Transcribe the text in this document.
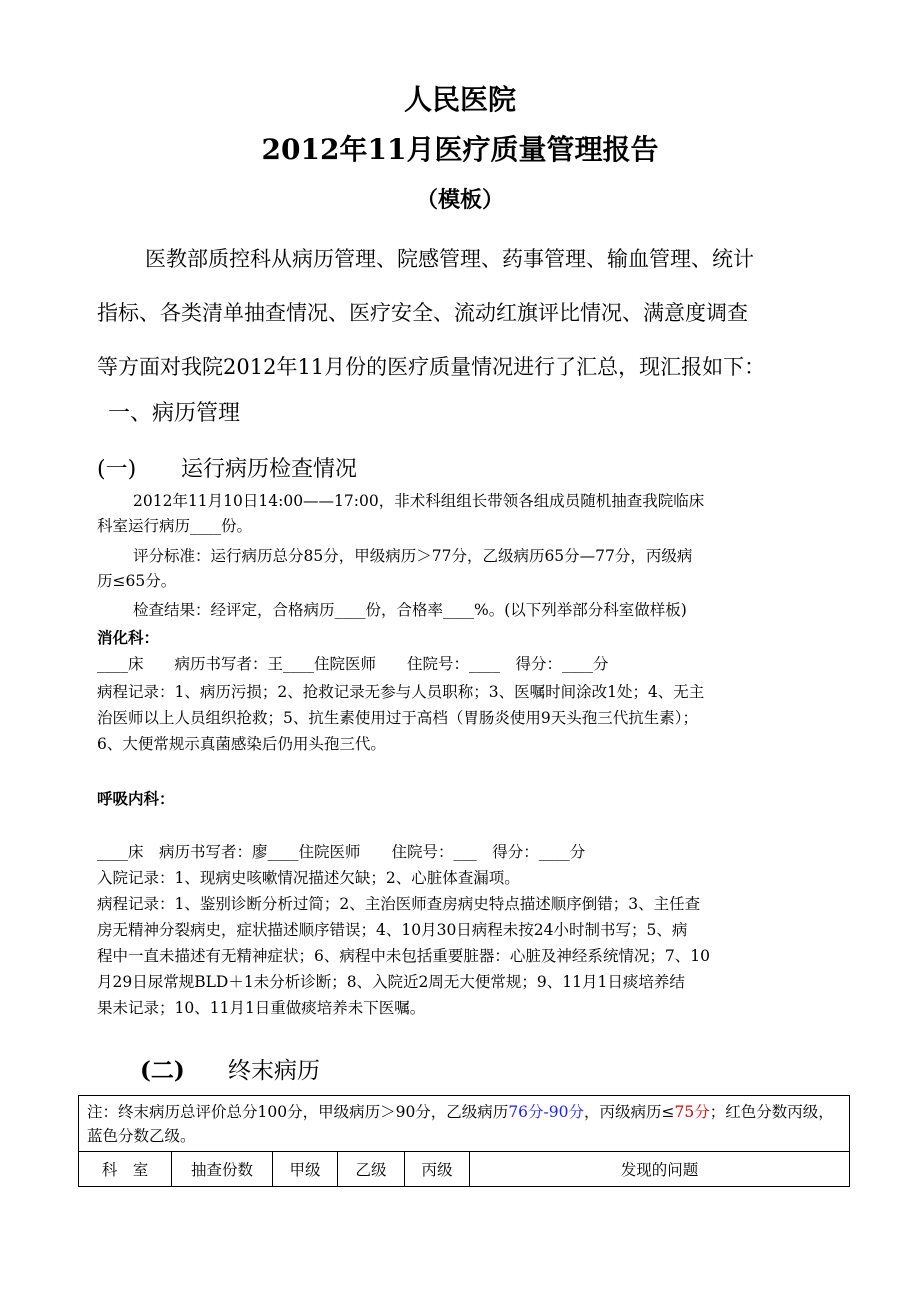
人民医院
2012年11月医疗质量管理报告
（模板）
医教部质控科从病历管理、院感管理、药事管理、输血管理、统计
指标、各类清单抽查情况、医疗安全、流动红旗评比情况、满意度调查
等方面对我院2012年11月份的医疗质量情况进行了汇总，现汇报如下：
一、病历管理
(一) 运行病历检查情况
2012年11月10日14:00——17:00，非术科组组长带领各组成员随机抽查我院临床
科室运行病历____份。
评分标准：运行病历总分85分，甲级病历＞77分，乙级病历65分—77分，丙级病
历≤65分。
检查结果：经评定，合格病历____份，合格率____%。(以下列举部分科室做样板)
消化科：
____床　　病历书写者：王____住院医师　　住院号：____　得分：____分
病程记录：1、病历污损；2、抢救记录无参与人员职称；3、医嘱时间涂改1处；4、无主
治医师以上人员组织抢救；5、抗生素使用过于高档（胃肠炎使用9天头孢三代抗生素）；
6、大便常规示真菌感染后仍用头孢三代。
呼吸内科：
____床　病历书写者：廖____住院医师　　住院号：___　得分：____分
入院记录：1、现病史咳嗽情况描述欠缺；2、心脏体查漏项。
病程记录：1、鉴别诊断分析过简；2、主治医师查房病史特点描述顺序倒错；3、主任查
房无精神分裂病史，症状描述顺序错误；4、10月30日病程未按24小时制书写；5、病
程中一直未描述有无精神症状；6、病程中未包括重要脏器：心脏及神经系统情况；7、10
月29日尿常规BLD＋1未分析诊断；8、入院近2周无大便常规；9、11月1日痰培养结
果未记录；10、11月1日重做痰培养未下医嘱。
(二) 终末病历
注：终末病历总评价总分100分，甲级病历＞90分，乙级病历76分-90分，丙级病历≤75分；红色分数丙级，蓝色分数乙级。
科　室	抽查份数	甲级	乙级	丙级	发现的问题
